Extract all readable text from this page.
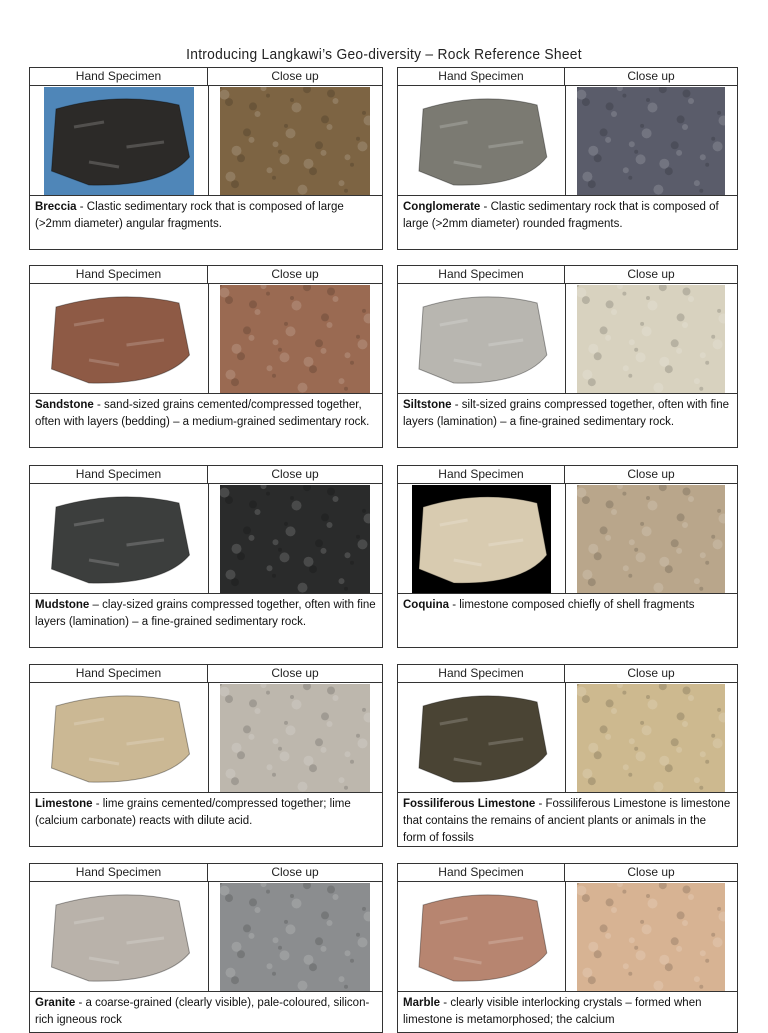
Introducing Langkawi’s Geo-diversity – Rock Reference Sheet
Hand Specimen	Close up
Breccia - Clastic sedimentary rock that is composed of large (>2mm diameter) angular fragments.
Hand Specimen	Close up
Conglomerate - Clastic sedimentary rock that is composed of large (>2mm diameter) rounded fragments.
Hand Specimen	Close up
Sandstone - sand-sized grains cemented/compressed together, often with layers (bedding) – a medium-grained sedimentary rock.
Hand Specimen	Close up
Siltstone - silt-sized grains compressed together, often with fine layers (lamination) – a fine-grained sedimentary rock.
Hand Specimen	Close up
Mudstone – clay-sized grains compressed together, often with fine layers (lamination) – a fine-grained sedimentary rock.
Hand Specimen	Close up
Coquina - limestone composed chiefly of shell fragments
Hand Specimen	Close up
Limestone - lime grains cemented/compressed together; lime (calcium carbonate) reacts with dilute acid.
Hand Specimen	Close up
Fossiliferous Limestone - Fossiliferous Limestone is limestone that contains the remains of ancient plants or animals in the form of fossils
Hand Specimen	Close up
Granite - a coarse-grained (clearly visible), pale-coloured, silicon-rich igneous rock
Hand Specimen	Close up
Marble - clearly visible interlocking crystals – formed when limestone is metamorphosed; the calcium
